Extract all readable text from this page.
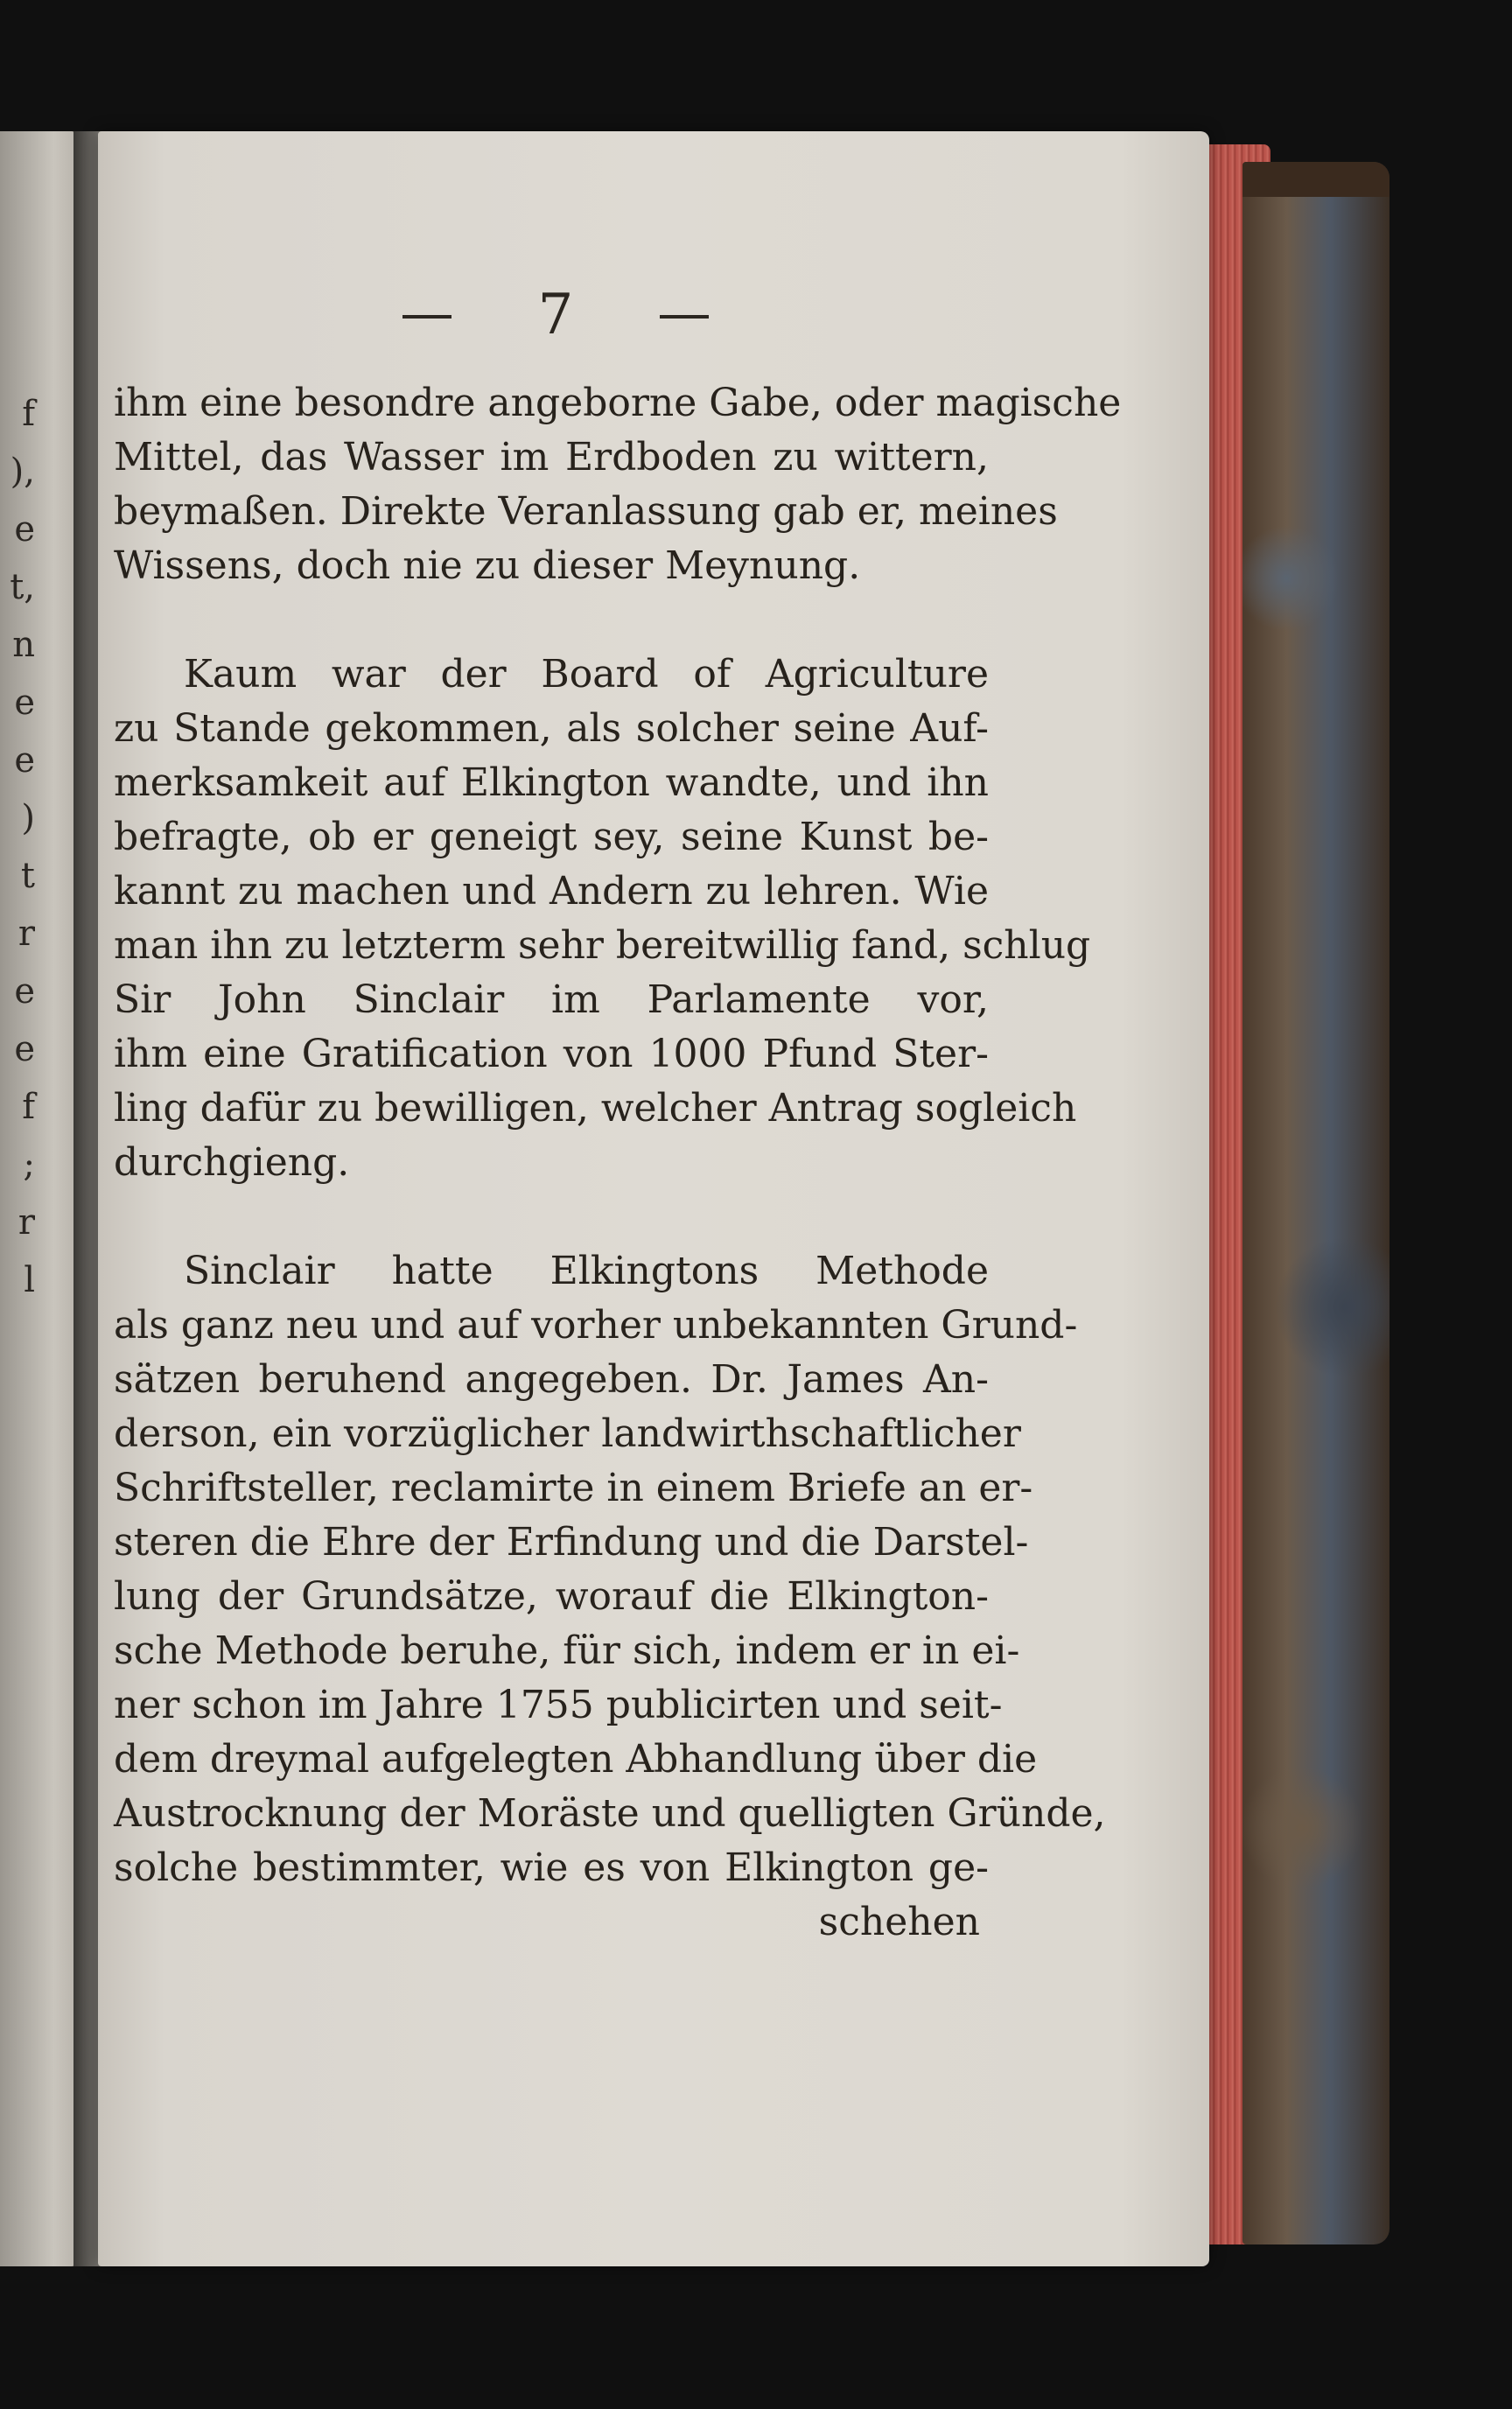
f
),
e
t,
n
e
e
)
t
r
e
e
f
;
r
l
7
ihm eine besondre angeborne Gabe, oder magische
Mittel, das Wasser im Erdboden zu wittern,
beymaßen. Direkte Veranlassung gab er, meines
Wissens, doch nie zu dieser Meynung.
Kaum war der Board of Agriculture
zu Stande gekommen, als solcher seine Auf-
merksamkeit auf Elkington wandte, und ihn
befragte, ob er geneigt sey, seine Kunst be-
kannt zu machen und Andern zu lehren. Wie
man ihn zu letzterm sehr bereitwillig fand, schlug
Sir John Sinclair im Parlamente vor,
ihm eine Gratification von 1000 Pfund Ster-
ling dafür zu bewilligen, welcher Antrag sogleich
durchgieng.
Sinclair hatte Elkingtons Methode
als ganz neu und auf vorher unbekannten Grund-
sätzen beruhend angegeben. Dr. James An-
derson, ein vorzüglicher landwirthschaftlicher
Schriftsteller, reclamirte in einem Briefe an er-
steren die Ehre der Erfindung und die Darstel-
lung der Grundsätze, worauf die Elkington-
sche Methode beruhe, für sich, indem er in ei-
ner schon im Jahre 1755 publicirten und seit-
dem dreymal aufgelegten Abhandlung über die
Austrocknung der Moräste und quelligten Gründe,
solche bestimmter, wie es von Elkington ge-
schehen
